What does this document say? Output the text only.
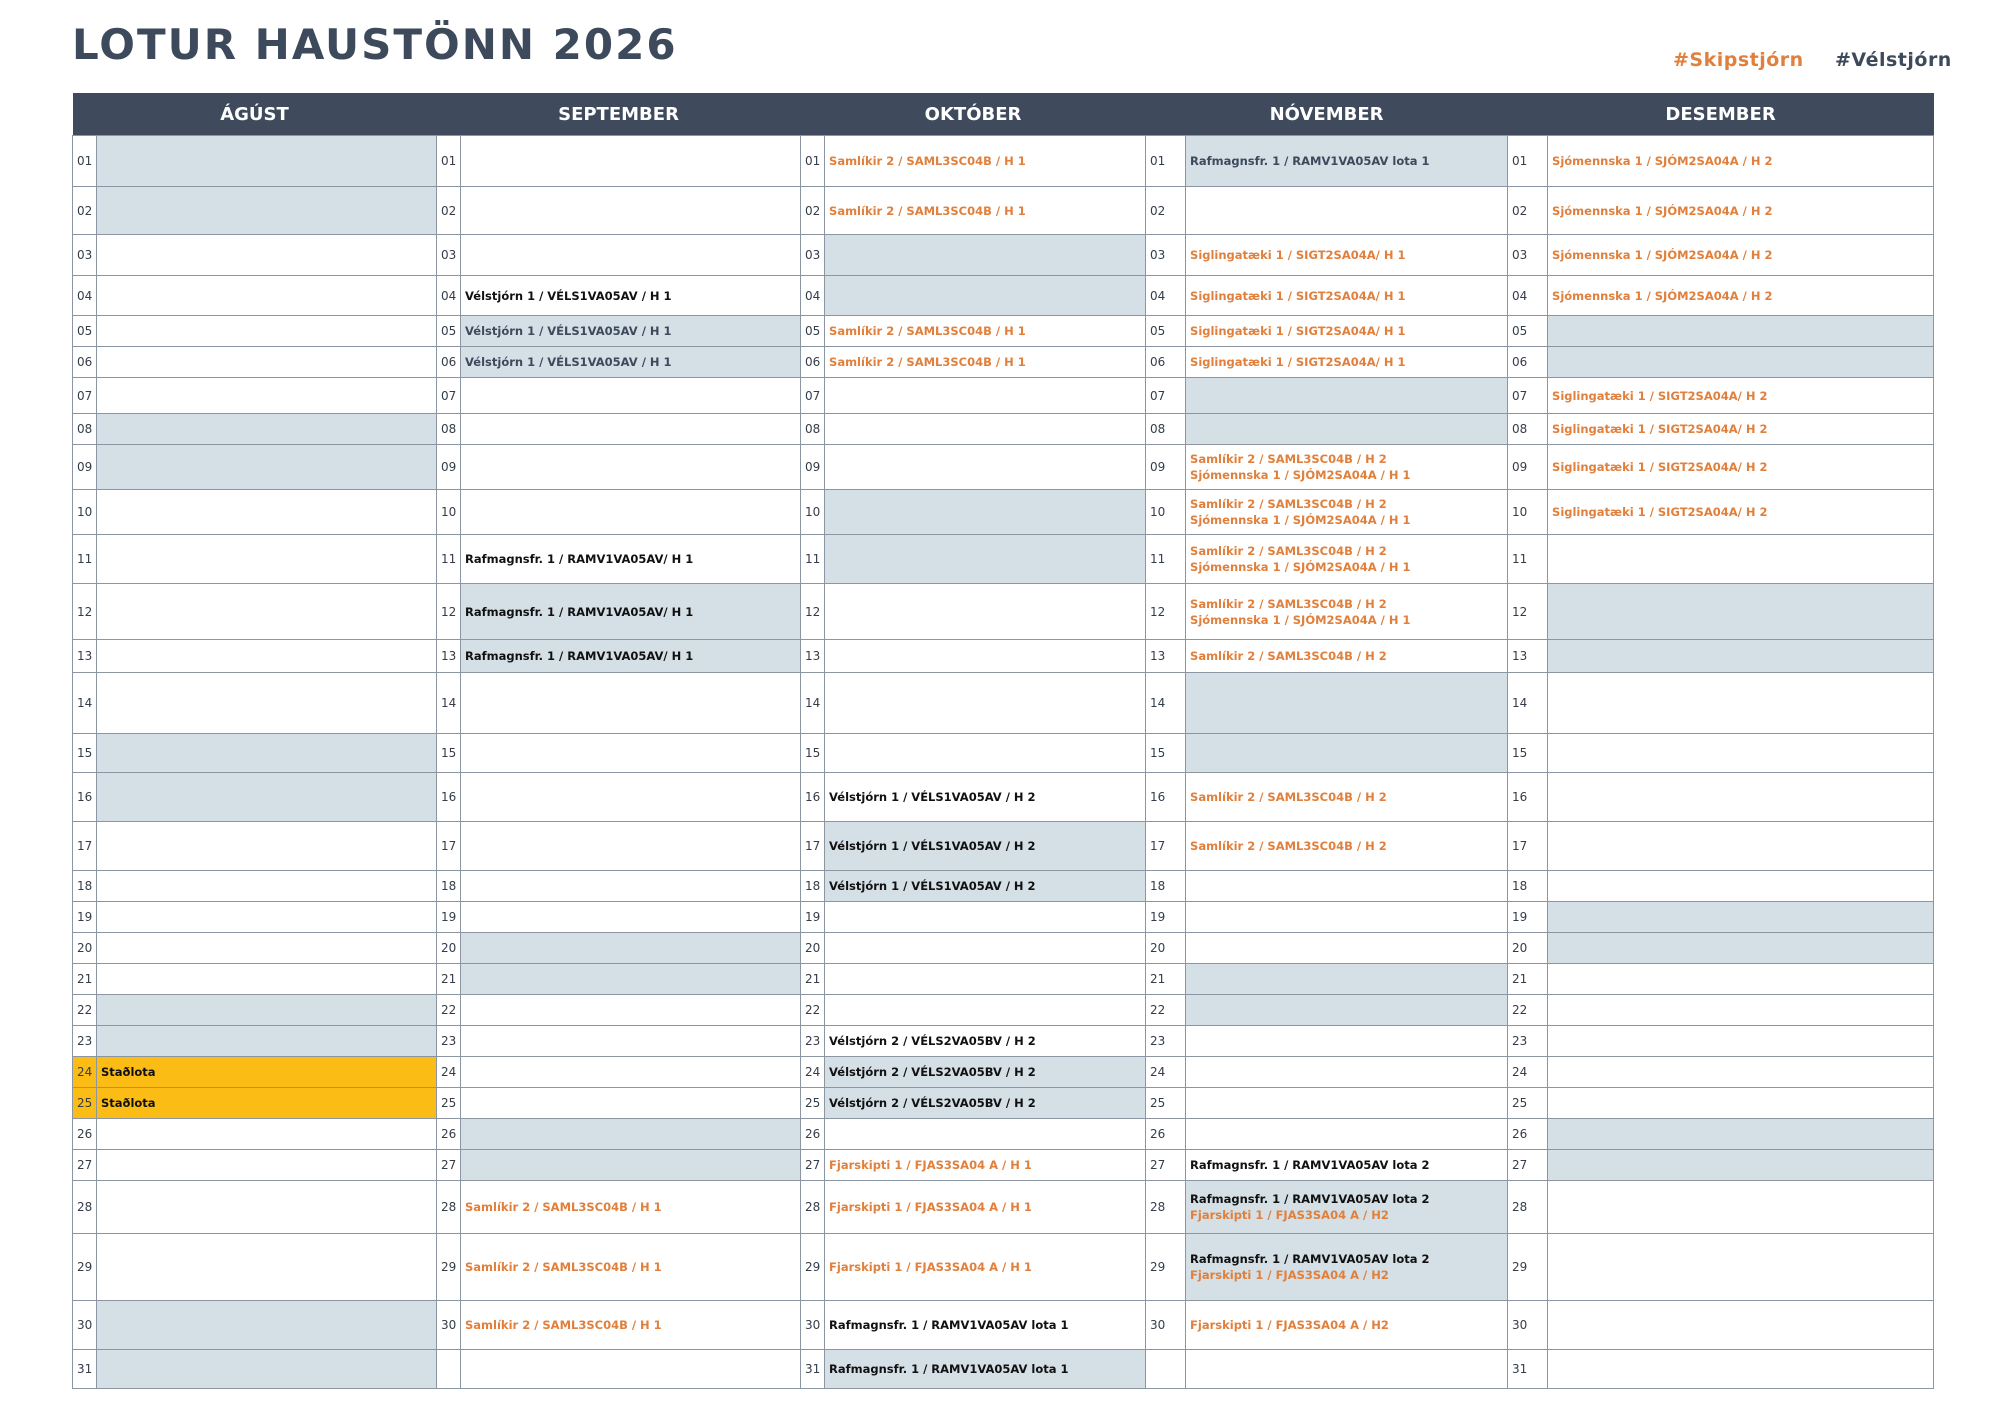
LOTUR HAUSTÖNN 2026	#Skipstjórn #Vélstjórn
ÁGÚST		SEPTEMBER		OKTÓBER		NÓVEMBER		DESEMBER	
01		01		01	Samlíkir 2 / SAML3SC04B / H 1	01	Rafmagnsfr. 1 / RAMV1VA05AV lota 1	01	Sjómennska 1 / SJÓM2SA04A / H 2

02		02		02	Samlíkir 2 / SAML3SC04B / H 1	02		02	Sjómennska 1 / SJÓM2SA04A / H 2

03		03		03		03	Siglingatæki 1 / SIGT2SA04A/ H 1	03	Sjómennska 1 / SJÓM2SA04A / H 2

04		04	Vélstjórn 1 / VÉLS1VA05AV / H 1	04		04	Siglingatæki 1 / SIGT2SA04A/ H 1	04	Sjómennska 1 / SJÓM2SA04A / H 2

05		05	Vélstjórn 1 / VÉLS1VA05AV / H 1	05	Samlíkir 2 / SAML3SC04B / H 1	05	Siglingatæki 1 / SIGT2SA04A/ H 1	05	
06		06	Vélstjórn 1 / VÉLS1VA05AV / H 1	06	Samlíkir 2 / SAML3SC04B / H 1	06	Siglingatæki 1 / SIGT2SA04A/ H 1	06	
07		07		07		07		07	Siglingatæki 1 / SIGT2SA04A/ H 2

08		08		08		08		08	Siglingatæki 1 / SIGT2SA04A/ H 2

09		09		09		09	Samlíkir 2 / SAML3SC04B / H 2
Sjómennska 1 / SJÓM2SA04A / H 1	09	Siglingatæki 1 / SIGT2SA04A/ H 2

10		10		10		10	Samlíkir 2 / SAML3SC04B / H 2
Sjómennska 1 / SJÓM2SA04A / H 1	10	Siglingatæki 1 / SIGT2SA04A/ H 2

11		11	Rafmagnsfr. 1 / RAMV1VA05AV/ H 1	11		11	Samlíkir 2 / SAML3SC04B / H 2
Sjómennska 1 / SJÓM2SA04A / H 1	11	
12		12	Rafmagnsfr. 1 / RAMV1VA05AV/ H 1	12		12	Samlíkir 2 / SAML3SC04B / H 2
Sjómennska 1 / SJÓM2SA04A / H 1	12	
13		13	Rafmagnsfr. 1 / RAMV1VA05AV/ H 1	13		13	Samlíkir 2 / SAML3SC04B / H 2	13	
14		14		14		14		14	
15		15		15		15		15	
16		16		16	Vélstjórn 1 / VÉLS1VA05AV / H 2	16	Samlíkir 2 / SAML3SC04B / H 2	16	
17		17		17	Vélstjórn 1 / VÉLS1VA05AV / H 2	17	Samlíkir 2 / SAML3SC04B / H 2	17	
18		18		18	Vélstjórn 1 / VÉLS1VA05AV / H 2	18		18	
19		19		19		19		19	
20		20		20		20		20	
21		21		21		21		21	
22		22		22		22		22	
23		23		23	Vélstjórn 2 / VÉLS2VA05BV / H 2	23		23	
24	Staðlota	24		24	Vélstjórn 2 / VÉLS2VA05BV / H 2	24		24	
25	Staðlota	25		25	Vélstjórn 2 / VÉLS2VA05BV / H 2	25		25	
26		26		26		26		26	
27		27		27	Fjarskipti 1 / FJAS3SA04 A / H 1	27	Rafmagnsfr. 1 / RAMV1VA05AV lota 2	27	
28		28	Samlíkir 2 / SAML3SC04B / H 1	28	Fjarskipti 1 / FJAS3SA04 A / H 1	28	Rafmagnsfr. 1 / RAMV1VA05AV lota 2
Fjarskipti 1 / FJAS3SA04 A / H2	28	
29		29	Samlíkir 2 / SAML3SC04B / H 1	29	Fjarskipti 1 / FJAS3SA04 A / H 1	29	Rafmagnsfr. 1 / RAMV1VA05AV lota 2
Fjarskipti 1 / FJAS3SA04 A / H2	29	
30		30	Samlíkir 2 / SAML3SC04B / H 1	30	Rafmagnsfr. 1 / RAMV1VA05AV lota 1	30	Fjarskipti 1 / FJAS3SA04 A / H2	30	
31				31	Rafmagnsfr. 1 / RAMV1VA05AV lota 1			31	
